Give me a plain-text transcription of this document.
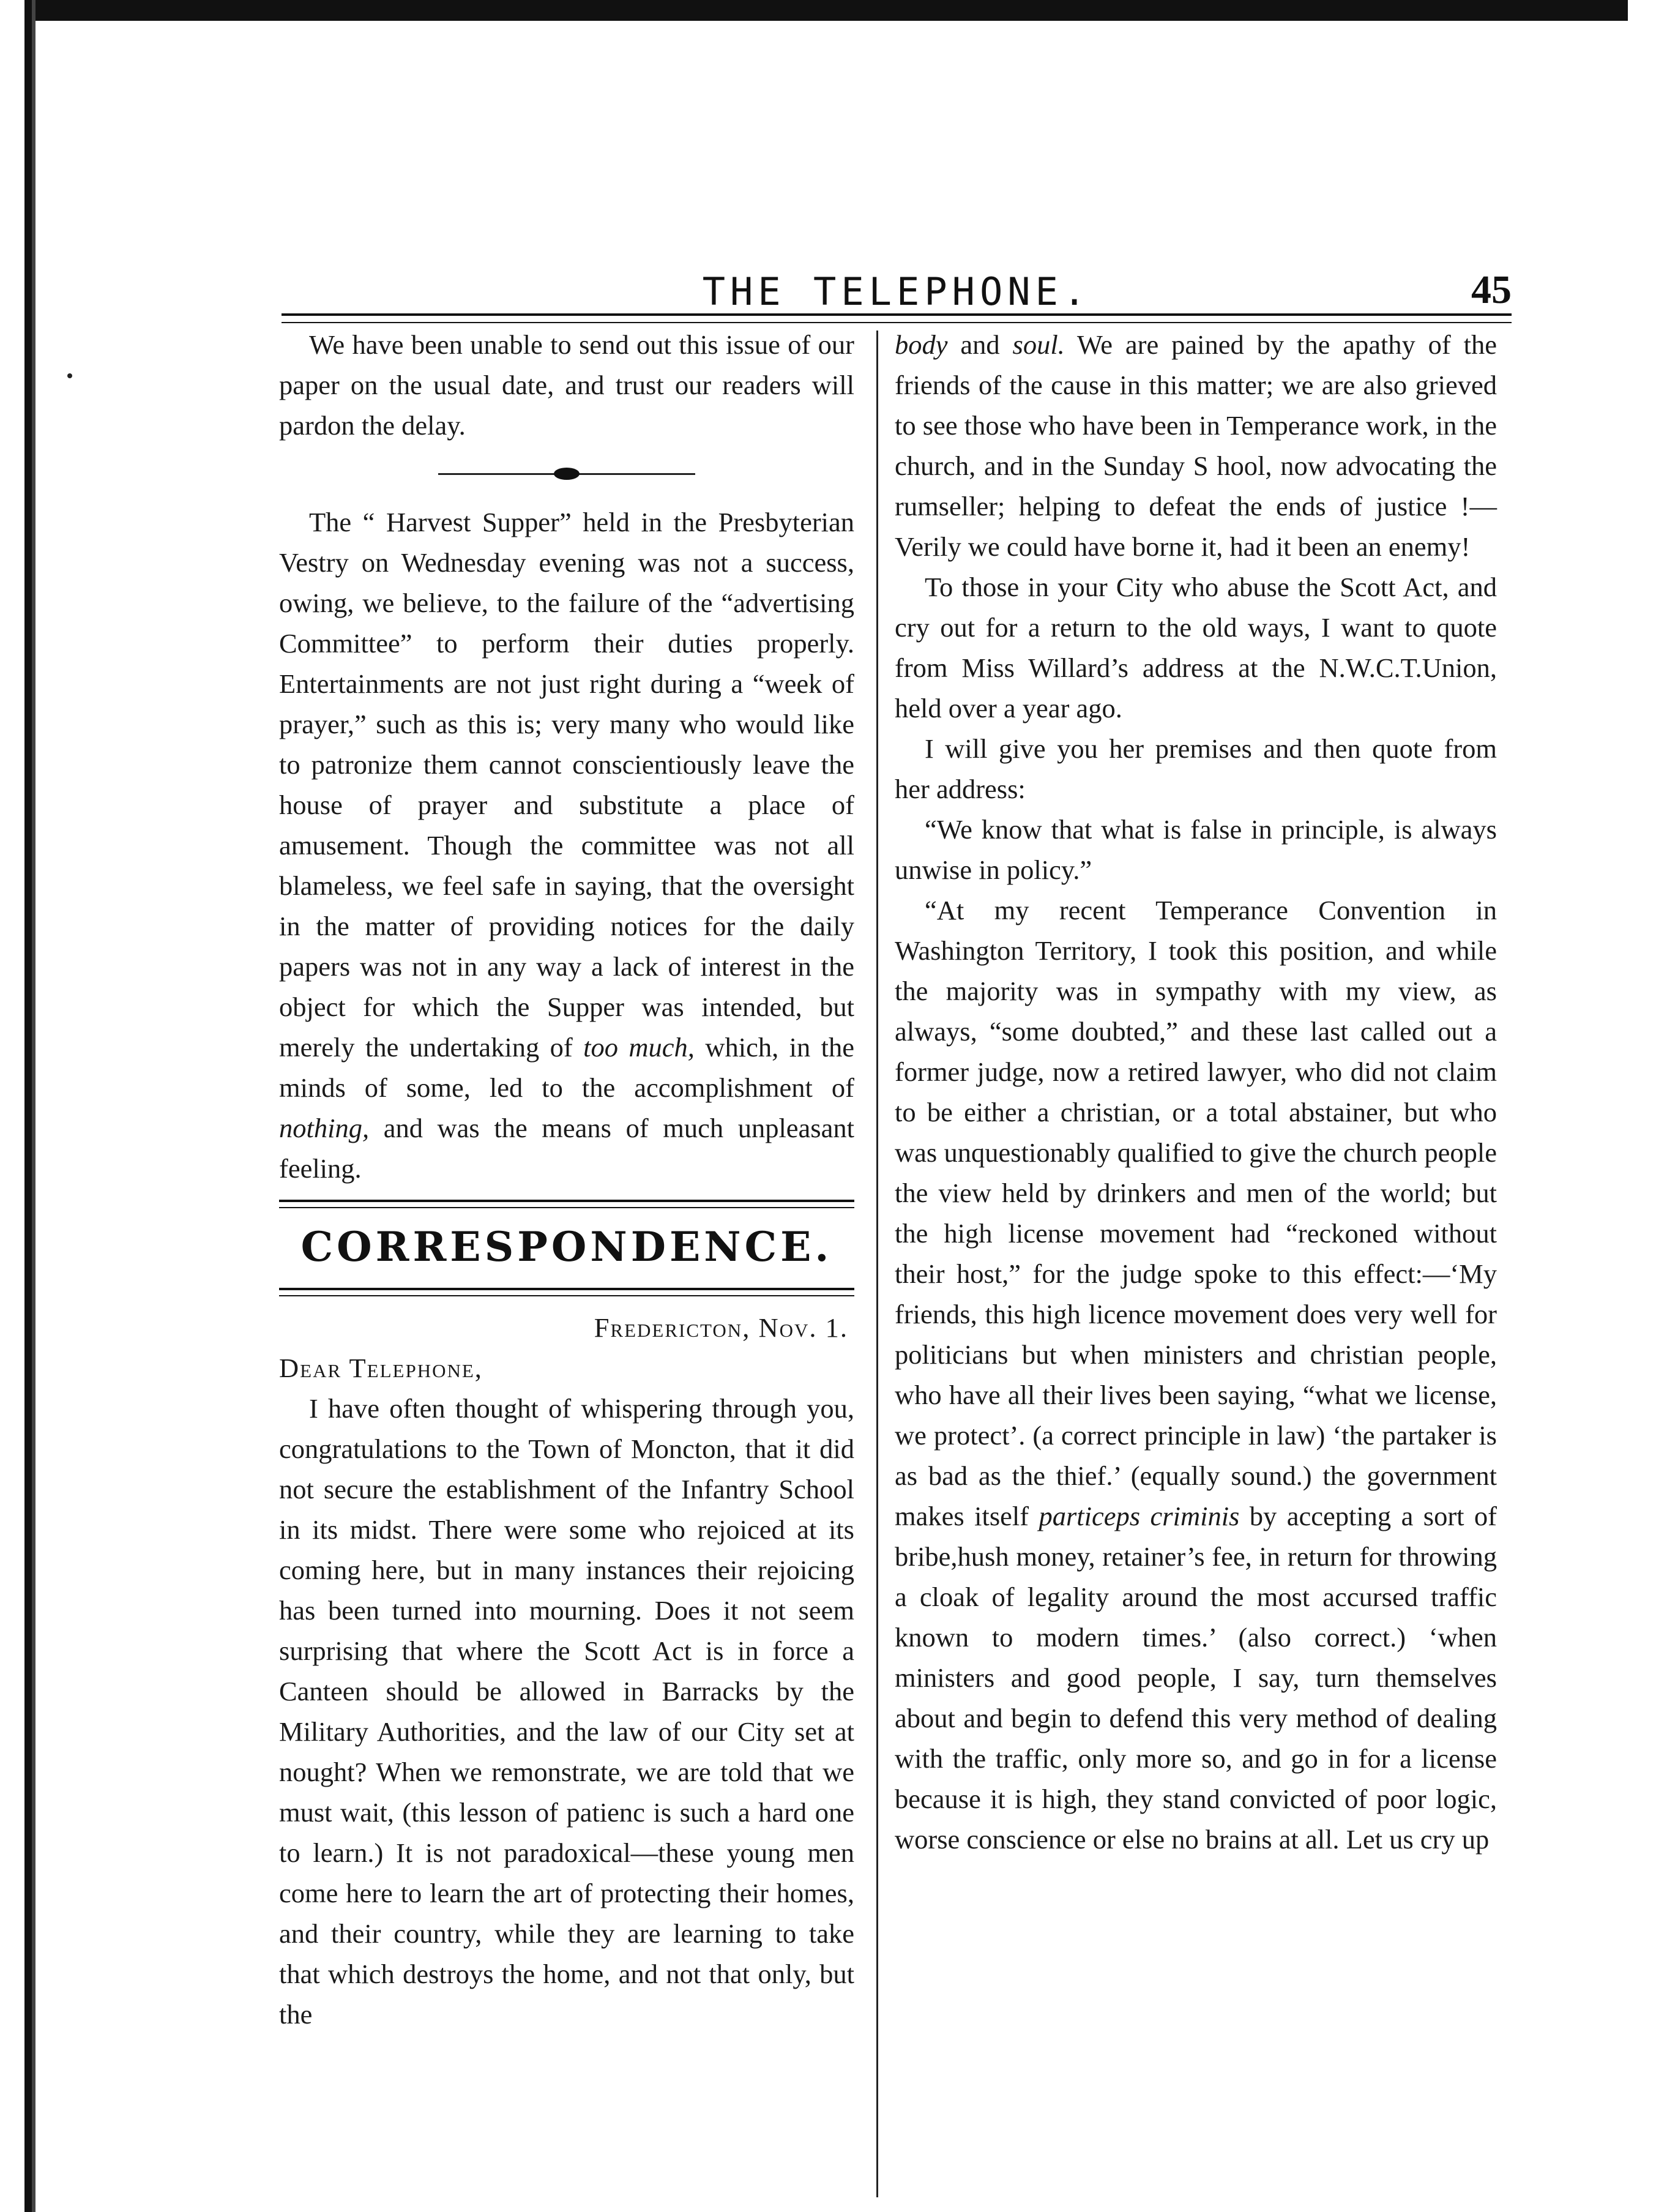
THE TELEPHONE.	45

We have been unable to send out this issue of our paper on the usual date, and trust our readers will pardon the delay.

The “ Harvest Supper” held in the Presbyterian Vestry on Wednesday evening was not a success, owing, we believe, to the failure of the “advertising Committee” to perform their duties properly. Entertainments are not just right during a “week of prayer,” such as this is; very many who would like to patronize them cannot conscientiously leave the house of prayer and substitute a place of amusement. Though the committee was not all blameless, we feel safe in saying, that the oversight in the matter of providing notices for the daily papers was not in any way a lack of interest in the object for which the Supper was intended, but merely the undertaking of too much, which, in the minds of some, led to the accomplishment of nothing, and was the means of much unpleasant feeling.

CORRESPONDENCE.

Fredericton, Nov. 1.

Dear Telephone,

I have often thought of whispering through you, congratulations to the Town of Moncton, that it did not secure the establishment of the Infantry School in its midst. There were some who rejoiced at its coming here, but in many instances their rejoicing has been turned into mourning. Does it not seem surprising that where the Scott Act is in force a Canteen should be allowed in Barracks by the Military Authorities, and the law of our City set at nought? When we remonstrate, we are told that we must wait, (this lesson of patienc is such a hard one to learn.) It is not paradoxical—these young men come here to learn the art of protecting their homes, and their country, while they are learning to take that which destroys the home, and not that only, but the

body and soul. We are pained by the apathy of the friends of the cause in this matter; we are also grieved to see those who have been in Temperance work, in the church, and in the Sunday S hool, now advocating the rumseller; helping to defeat the ends of justice !—Verily we could have borne it, had it been an enemy!

To those in your City who abuse the Scott Act, and cry out for a return to the old ways, I want to quote from Miss Willard’s address at the N.W.C.T.Union, held over a year ago.

I will give you her premises and then quote from her address:

“We know that what is false in principle, is always unwise in policy.”

“At my recent Temperance Convention in Washington Territory, I took this position, and while the majority was in sympathy with my view, as always, “some doubted,” and these last called out a former judge, now a retired lawyer, who did not claim to be either a christian, or a total abstainer, but who was unquestionably qualified to give the church people the view held by drinkers and men of the world; but the high license movement had “reckoned without their host,” for the judge spoke to this effect:—‘My friends, this high licence movement does very well for politicians but when ministers and christian people, who have all their lives been saying, “what we license, we protect’. (a correct principle in law) ‘the partaker is as bad as the thief.’ (equally sound.) the government makes itself particeps criminis by accepting a sort of bribe,hush money, retainer’s fee, in return for throwing a cloak of legality around the most accursed traffic known to modern times.’ (also correct.) ‘when ministers and good people, I say, turn themselves about and begin to defend this very method of dealing with the traffic, only more so, and go in for a license because it is high, they stand convicted of poor logic, worse conscience or else no brains at all. Let us cry up
